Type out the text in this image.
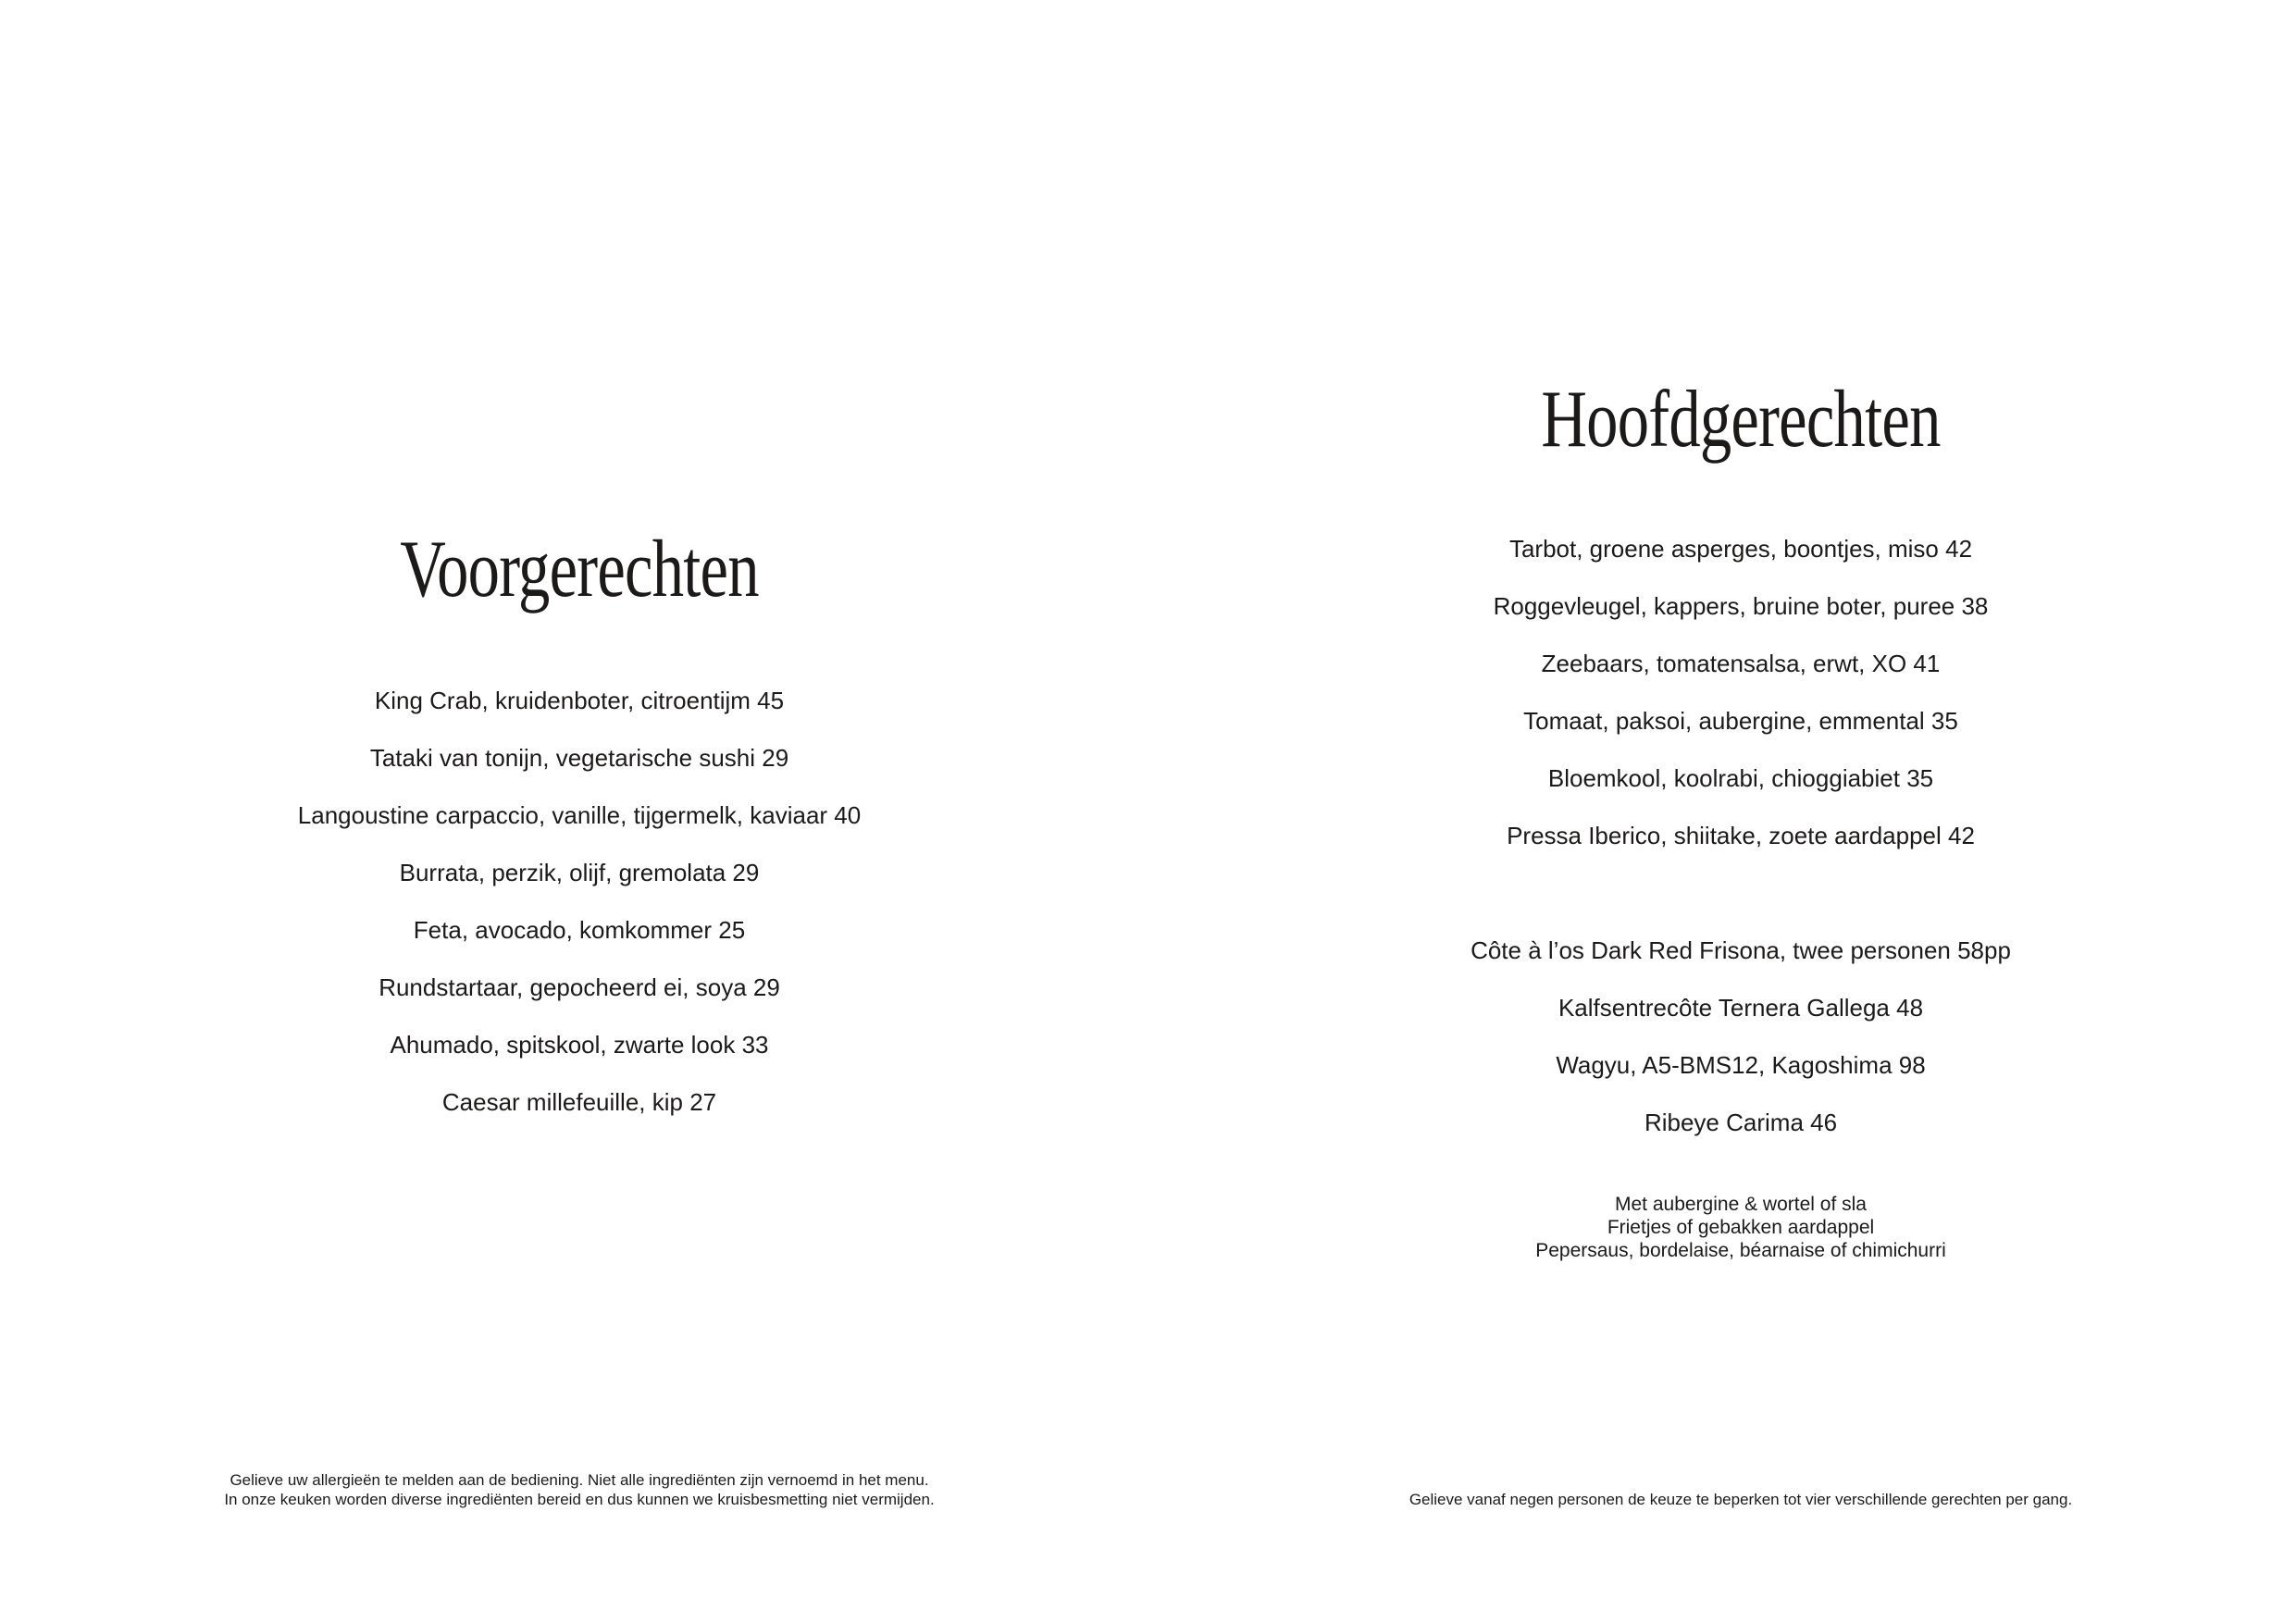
Voorgerechten
King Crab, kruidenboter, citroentijm 45
Tataki van tonijn, vegetarische sushi 29
Langoustine carpaccio, vanille, tijgermelk, kaviaar 40
Burrata, perzik, olijf, gremolata 29
Feta, avocado, komkommer 25
Rundstartaar, gepocheerd ei, soya 29
Ahumado, spitskool, zwarte look 33
Caesar millefeuille, kip 27
Gelieve uw allergieën te melden aan de bediening. Niet alle ingrediënten zijn vernoemd in het menu.
In onze keuken worden diverse ingrediënten bereid en dus kunnen we kruisbesmetting niet vermijden.
Hoofdgerechten
Tarbot, groene asperges, boontjes, miso 42
Roggevleugel, kappers, bruine boter, puree 38
Zeebaars, tomatensalsa, erwt, XO 41
Tomaat, paksoi, aubergine, emmental 35
Bloemkool, koolrabi, chioggiabiet 35
Pressa Iberico, shiitake, zoete aardappel 42
Côte à l’os Dark Red Frisona, twee personen 58pp
Kalfsentrecôte Ternera Gallega 48
Wagyu, A5-BMS12, Kagoshima 98
Ribeye Carima 46
Met aubergine & wortel of sla
Frietjes of gebakken aardappel
Pepersaus, bordelaise, béarnaise of chimichurri
Gelieve vanaf negen personen de keuze te beperken tot vier verschillende gerechten per gang.
